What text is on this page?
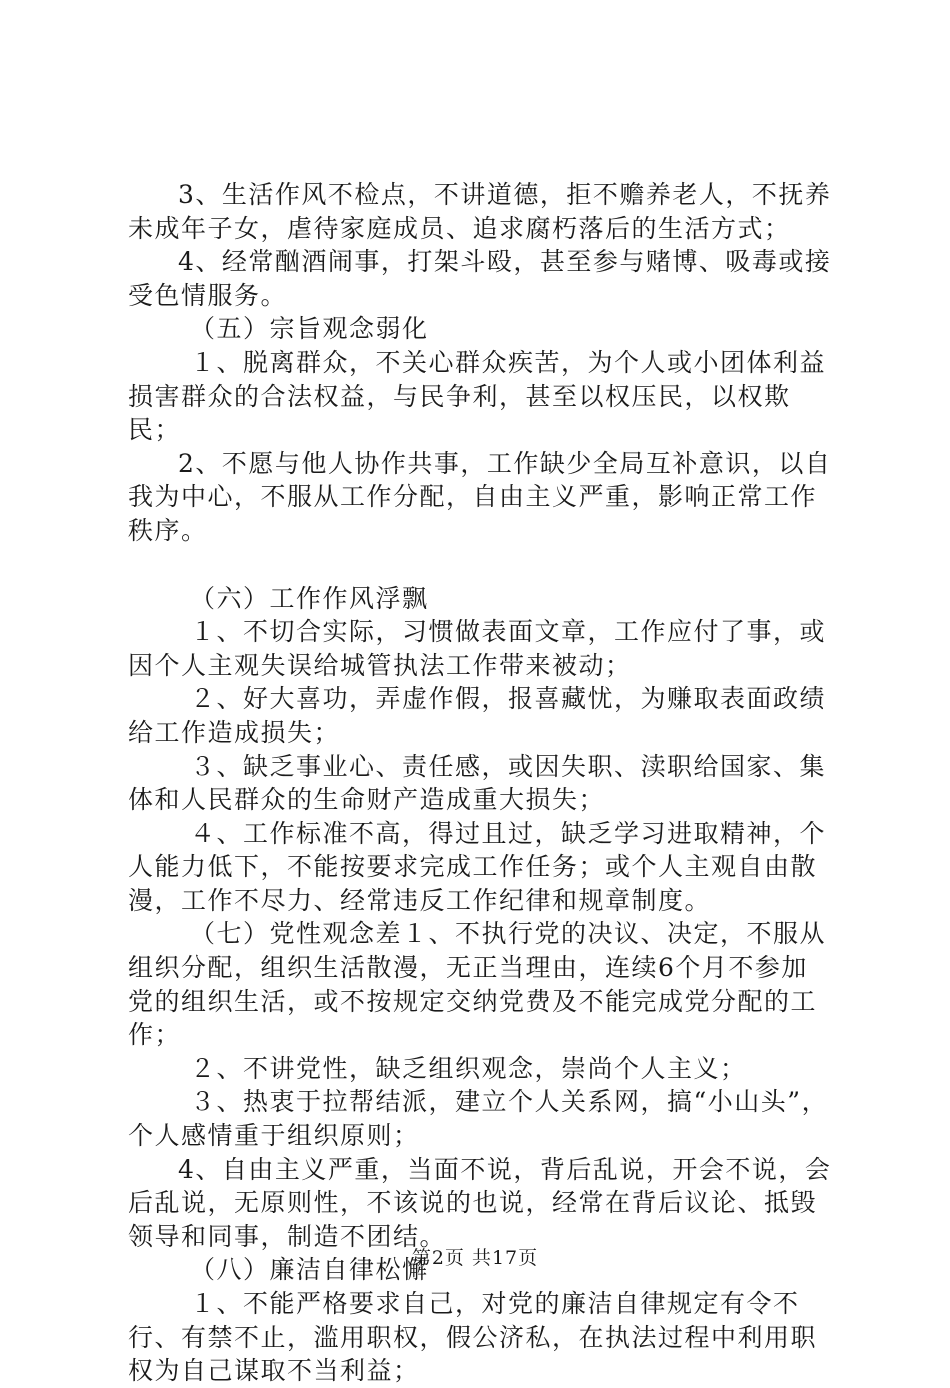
3、生活作风不检点，不讲道德，拒不赡养老人，不抚养未成年子女，虐待家庭成员、追求腐朽落后的生活方式；

4、经常酗酒闹事，打架斗殴，甚至参与赌博、吸毒或接受色情服务。

（五）宗旨观念弱化

１、脱离群众，不关心群众疾苦，为个人或小团体利益损害群众的合法权益，与民争利，甚至以权压民，以权欺民；

2、不愿与他人协作共事，工作缺少全局互补意识，以自我为中心，不服从工作分配，自由主义严重，影响正常工作秩序。

（六）工作作风浮飘

１、不切合实际，习惯做表面文章，工作应付了事，或因个人主观失误给城管执法工作带来被动；

２、好大喜功，弄虚作假，报喜藏忧，为赚取表面政绩给工作造成损失；

３、缺乏事业心、责任感，或因失职、渎职给国家、集体和人民群众的生命财产造成重大损失；

４、工作标准不高，得过且过，缺乏学习进取精神，个人能力低下，不能按要求完成工作任务；或个人主观自由散漫，工作不尽力、经常违反工作纪律和规章制度。

（七）党性观念差１、不执行党的决议、决定，不服从组织分配，组织生活散漫，无正当理由，连续6个月不参加党的组织生活，或不按规定交纳党费及不能完成党分配的工作；

２、不讲党性，缺乏组织观念，崇尚个人主义；

３、热衷于拉帮结派，建立个人关系网，搞“小山头”，个人感情重于组织原则；

4、自由主义严重，当面不说，背后乱说，开会不说，会后乱说，无原则性，不该说的也说，经常在背后议论、抵毁领导和同事，制造不团结。

（八）廉洁自律松懈

１、不能严格要求自己，对党的廉洁自律规定有令不行、有禁不止，滥用职权，假公济私，在执法过程中利用职权为自己谋取不当利益；

第2页 共17页
